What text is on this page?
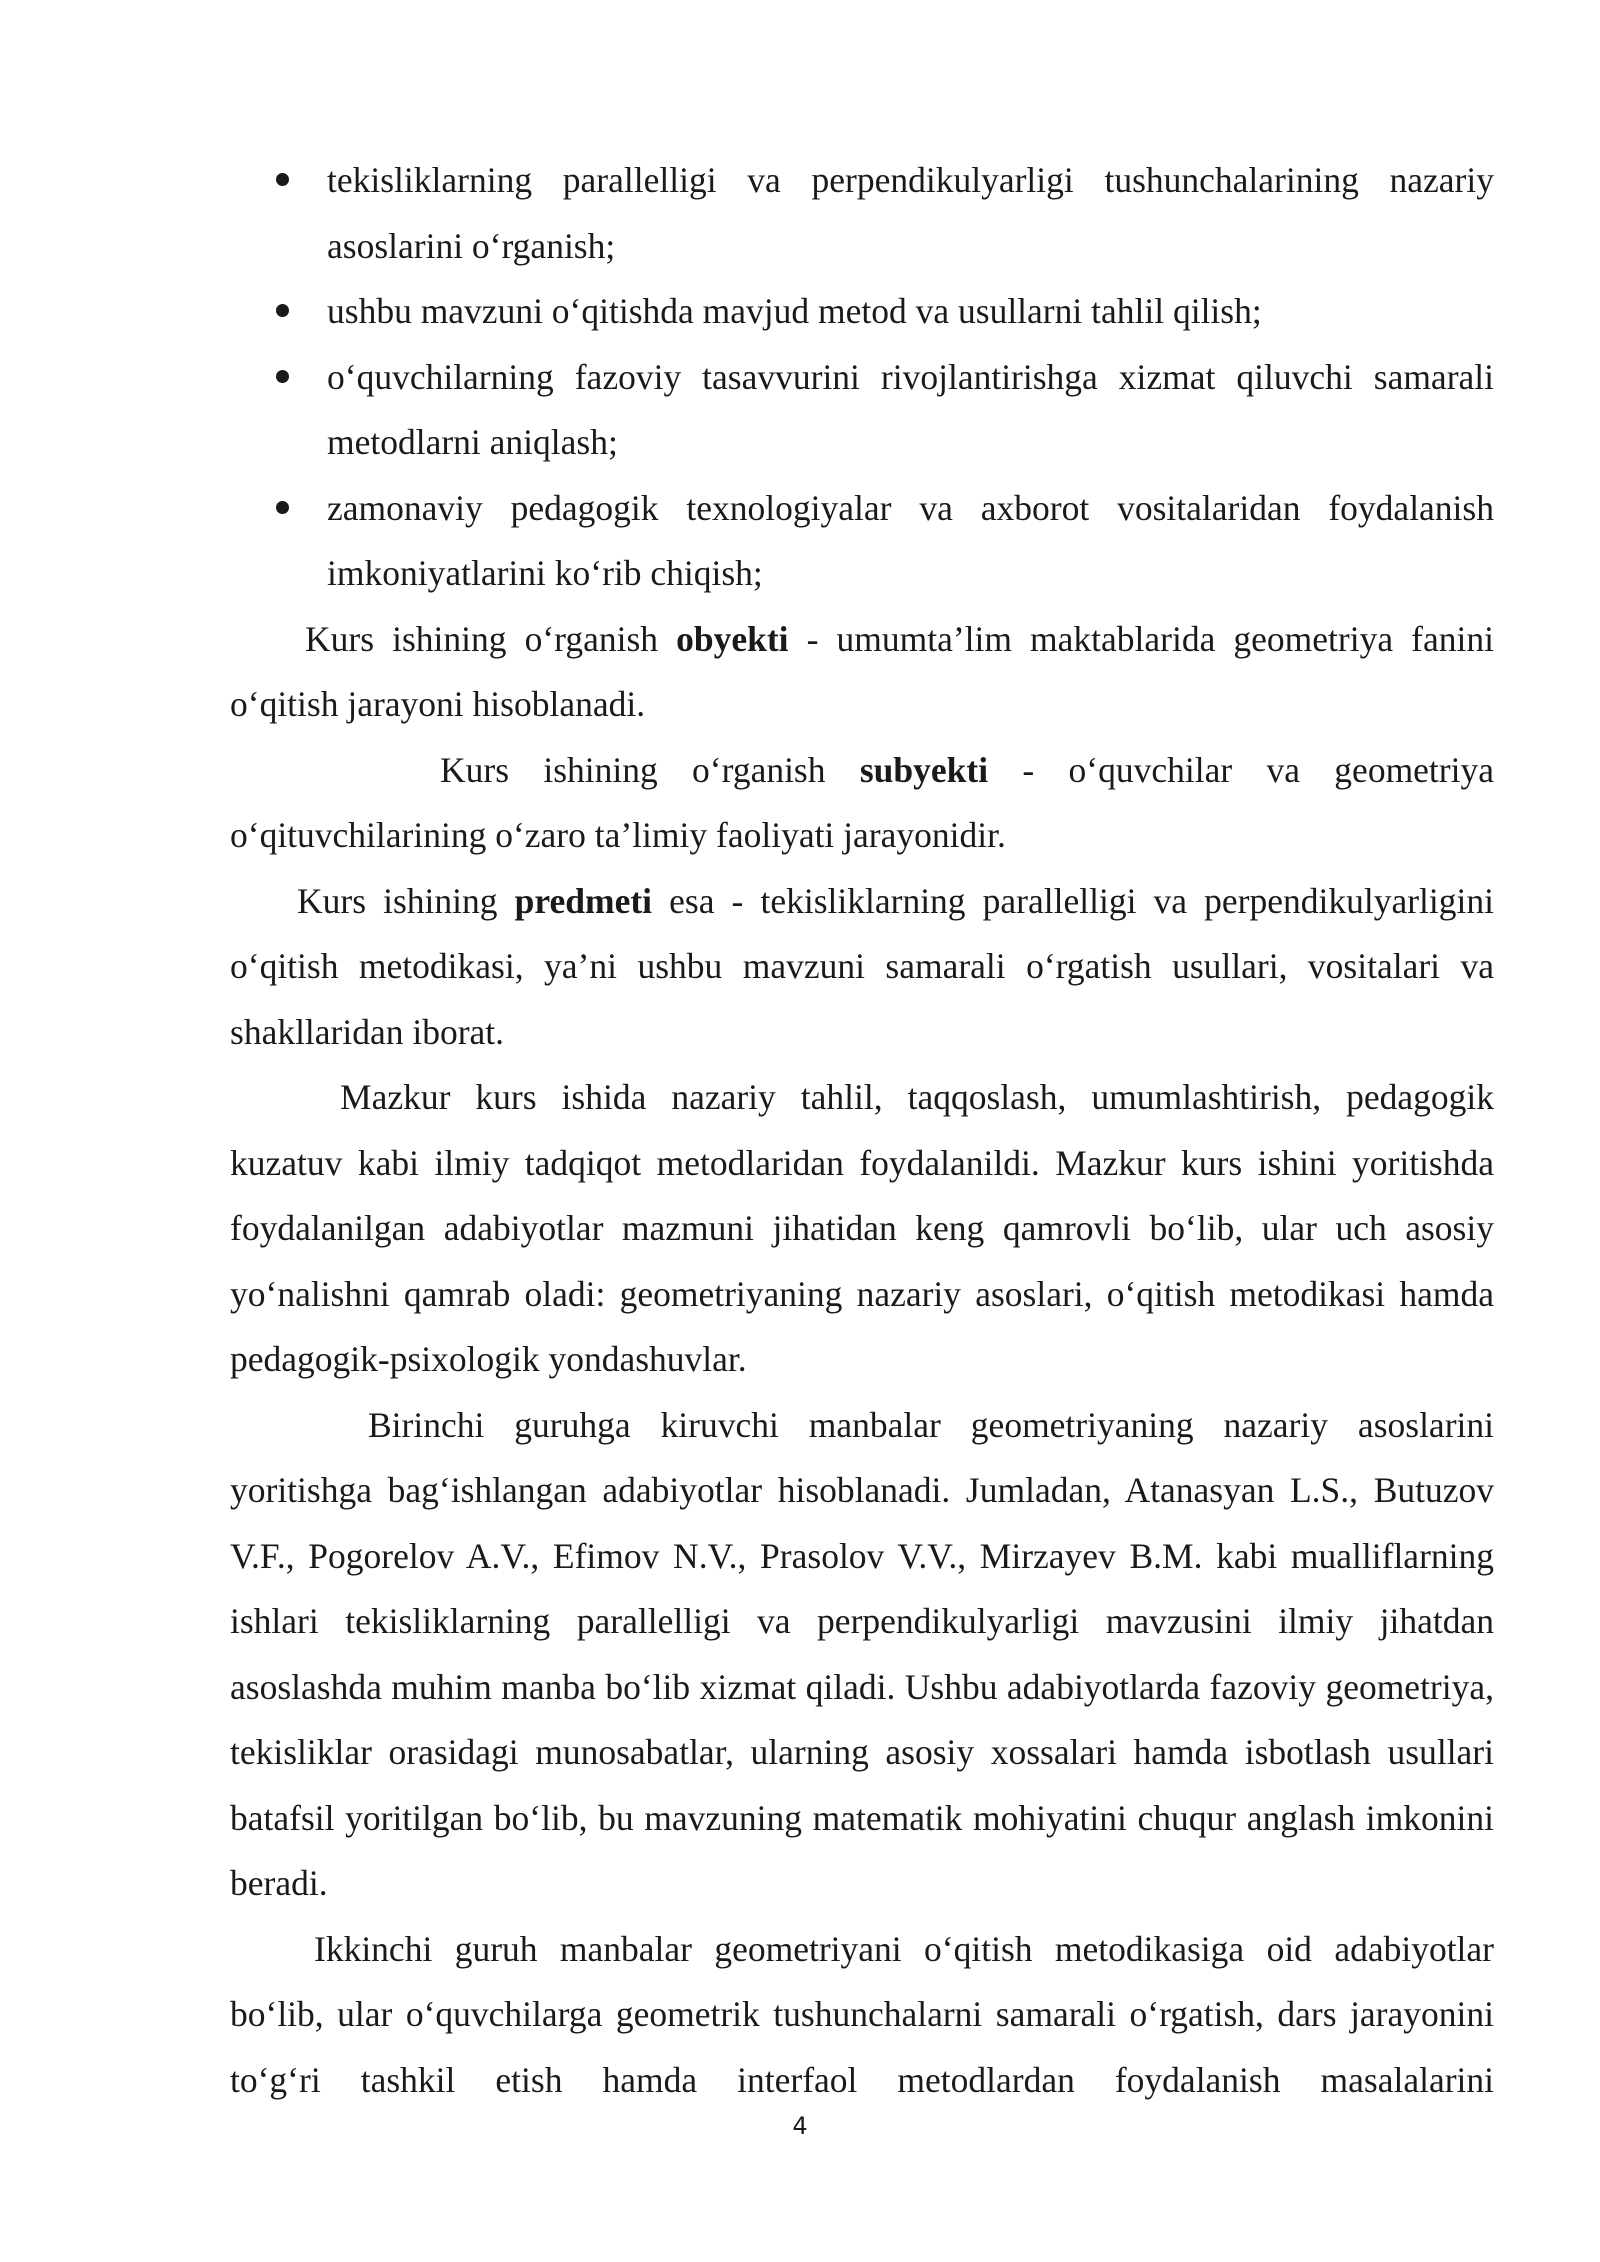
tekisliklarning parallelligi va perpendikulyarligi tushunchalarining nazariy asoslarini o‘rganish;
ushbu mavzuni o‘qitishda mavjud metod va usullarni tahlil qilish;
o‘quvchilarning fazoviy tasavvurini rivojlantirishga xizmat qiluvchi samarali metodlarni aniqlash;
zamonaviy pedagogik texnologiyalar va axborot vositalaridan foydalanish imkoniyatlarini ko‘rib chiqish;

Kurs ishining o‘rganish obyekti - umumta’lim maktablarida geometriya fanini o‘qitish jarayoni hisoblanadi.

Kurs ishining o‘rganish subyekti - o‘quvchilar va geometriya o‘qituvchilarining o‘zaro ta’limiy faoliyati jarayonidir.

Kurs ishining predmeti esa - tekisliklarning parallelligi va perpendikulyarligini o‘qitish metodikasi, ya’ni ushbu mavzuni samarali o‘rgatish usullari, vositalari va shakllaridan iborat.

Mazkur kurs ishida nazariy tahlil, taqqoslash, umumlashtirish, pedagogik kuzatuv kabi ilmiy tadqiqot metodlaridan foydalanildi. Mazkur kurs ishini yoritishda foydalanilgan adabiyotlar mazmuni jihatidan keng qamrovli bo‘lib, ular uch asosiy yo‘nalishni qamrab oladi: geometriyaning nazariy asoslari, o‘qitish metodikasi hamda pedagogik-psixologik yondashuvlar.

Birinchi guruhga kiruvchi manbalar geometriyaning nazariy asoslarini yoritishga bag‘ishlangan adabiyotlar hisoblanadi. Jumladan, Atanasyan L.S., Butuzov V.F., Pogorelov A.V., Efimov N.V., Prasolov V.V., Mirzayev B.M. kabi mualliflarning ishlari tekisliklarning parallelligi va perpendikulyarligi mavzusini ilmiy jihatdan asoslashda muhim manba bo‘lib xizmat qiladi. Ushbu adabiyotlarda fazoviy geometriya, tekisliklar orasidagi munosabatlar, ularning asosiy xossalari hamda isbotlash usullari batafsil yoritilgan bo‘lib, bu mavzuning matematik mohiyatini chuqur anglash imkonini beradi.

Ikkinchi guruh manbalar geometriyani o‘qitish metodikasiga oid adabiyotlar bo‘lib, ular o‘quvchilarga geometrik tushunchalarni samarali o‘rgatish, dars jarayonini to‘g‘ri tashkil etish hamda interfaol metodlardan foydalanish masalalarini

4
